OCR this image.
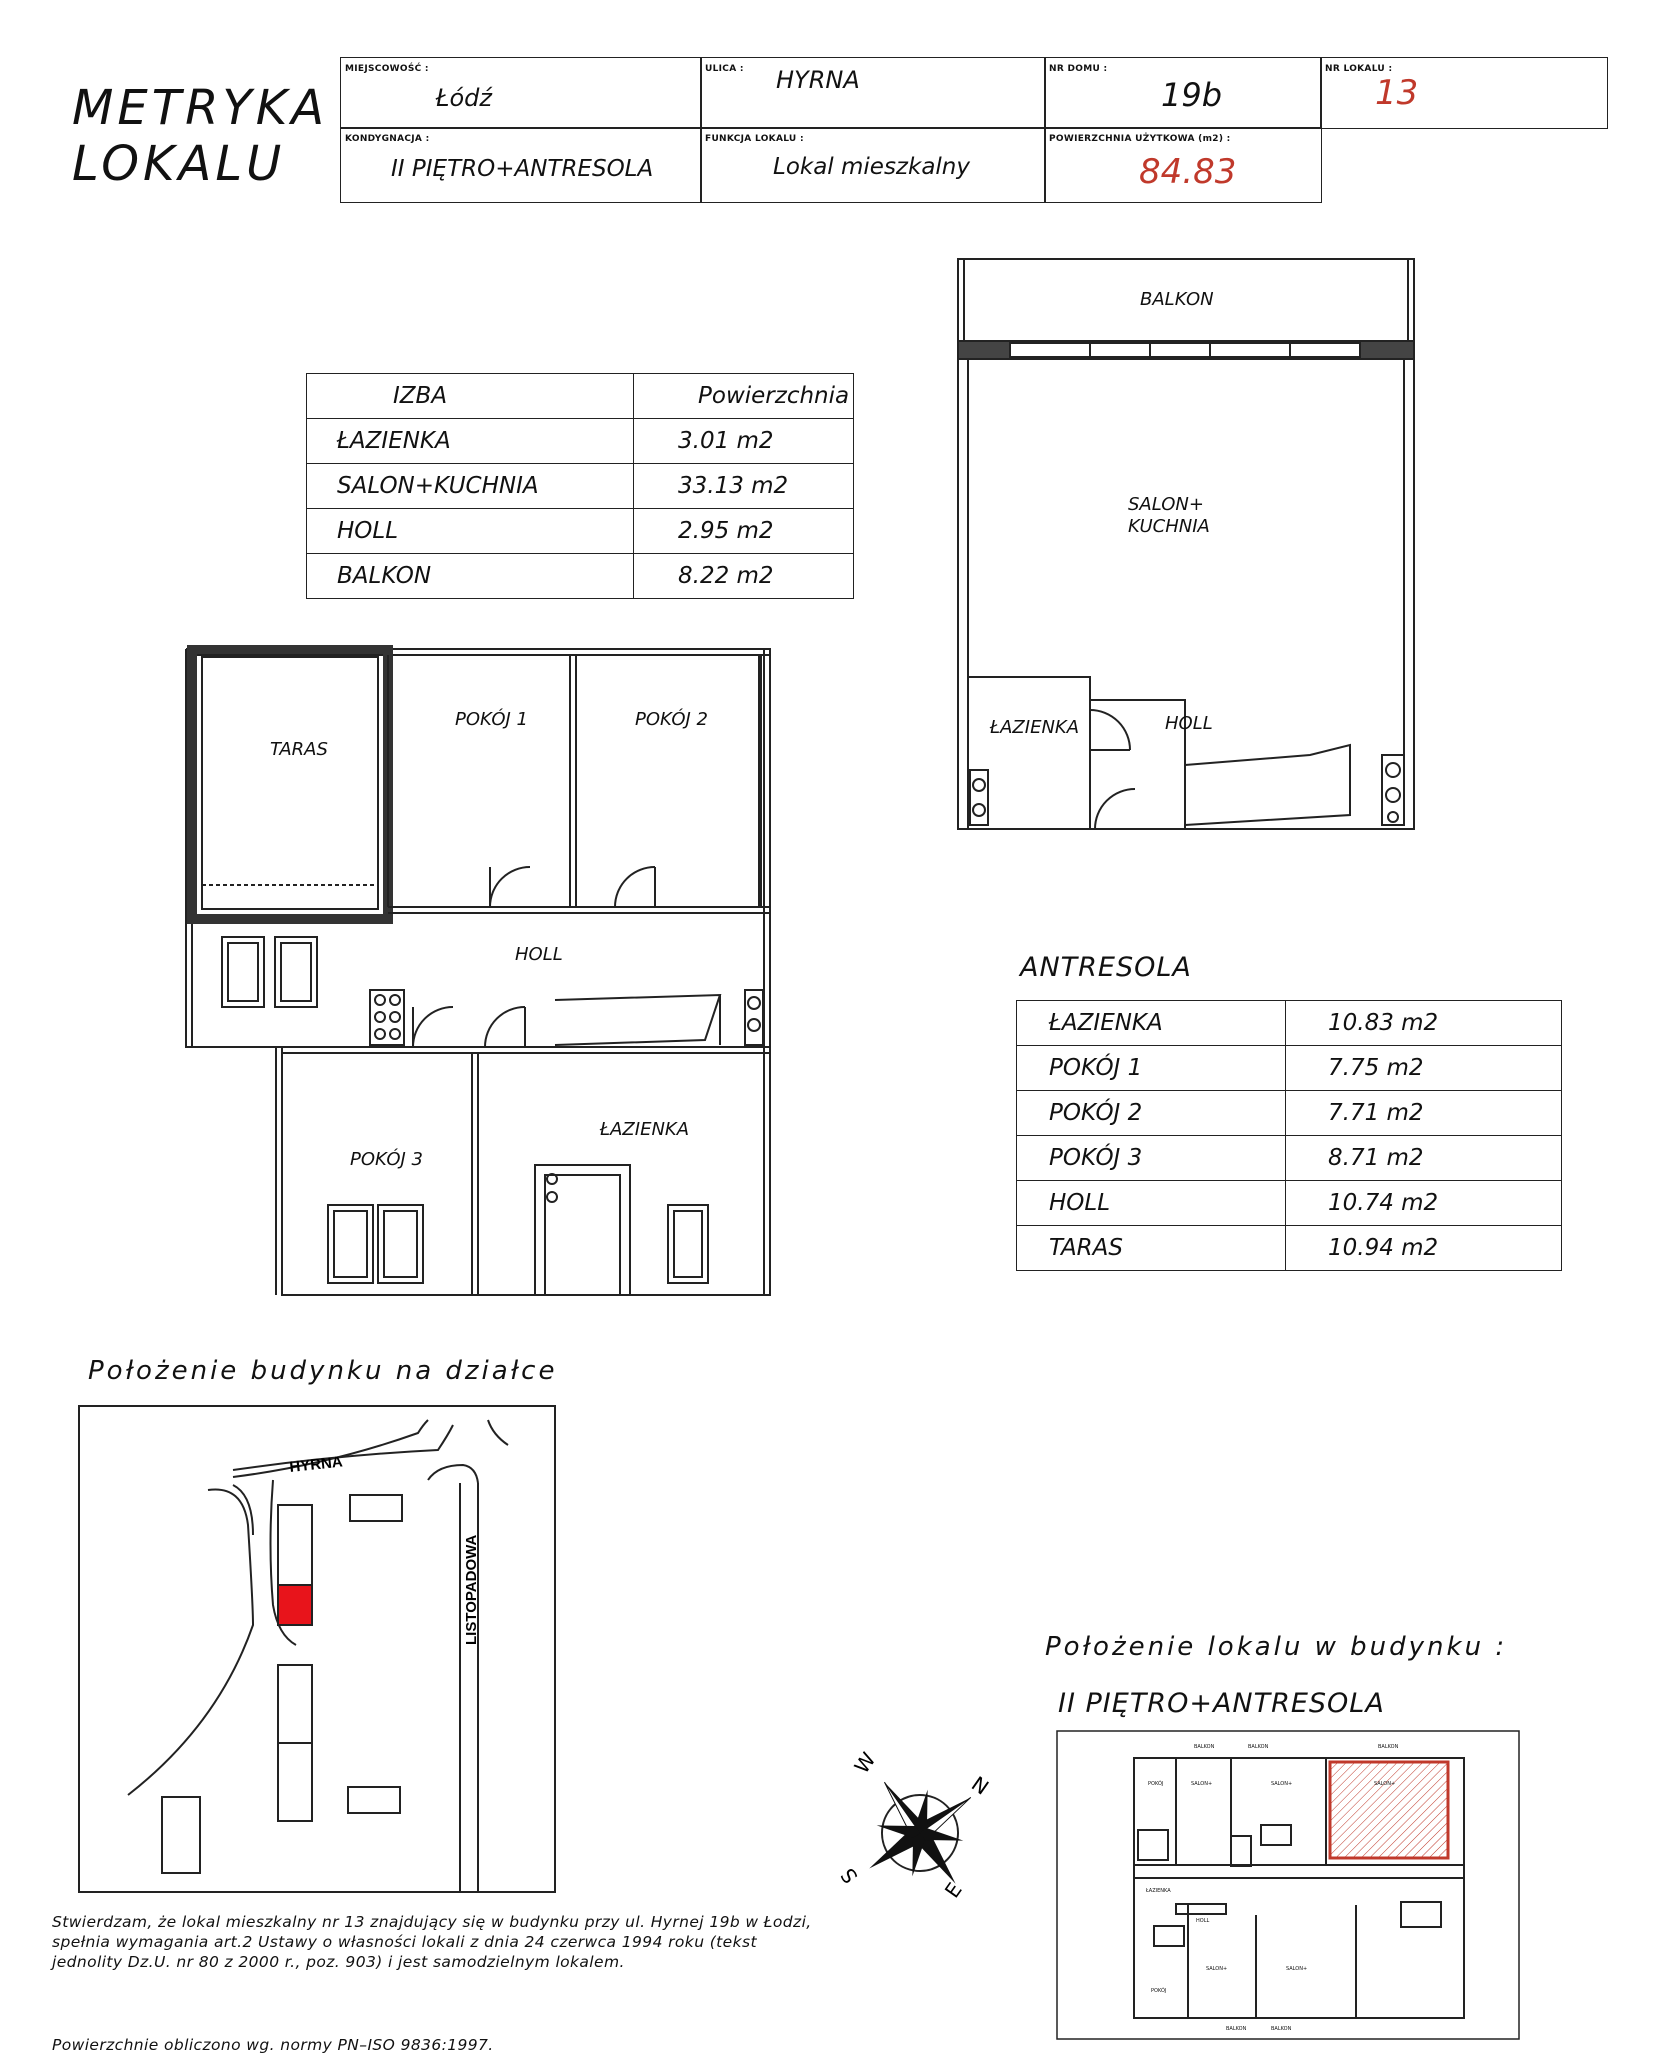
METRYKA
LOKALU
MIEJSCOWOŚĆ :
Łódź
ULICA : HYRNA	NR DOMU :
19b
NR LOKALU :
13
KONDYGNACJA :
II PIĘTRO+ANTRESOLA
FUNKCJA LOKALU :
Lokal mieszkalny
POWIERZCHNIA UŻYTKOWA (m2) :
84.83
IZBA	Powierzchnia
ŁAZIENKA	3.01 m2
SALON+KUCHNIA	33.13 m2
HOLL	2.95 m2
BALKON	8.22 m2
BALKON
SALON+
KUCHNIA
ŁAZIENKA	HOLL
TARAS
POKÓJ 1	POKÓJ 2
HOLL
POKÓJ 3
ŁAZIENKA
ANTRESOLA
ŁAZIENKA	10.83 m2
POKÓJ 1	7.75 m2
POKÓJ 2	7.71 m2
POKÓJ 3	8.71 m2
HOLL	10.74 m2
TARAS	10.94 m2
Położenie budynku na działce
HYRNA
LISTOPADOWA
W
N
S
E
Położenie lokalu w budynku :
II PIĘTRO+ANTRESOLA
BALKON	BALKON	BALKON
BALKON	BALKON
POKÓJ	SALON+	SALON+	SALON+
ŁAZIENKA
HOLL
SALON+
SALON+
POKÓJ
Stwierdzam, że lokal mieszkalny nr 13 znajdujący się w budynku przy ul. Hyrnej 19b w Łodzi, spełnia wymagania art.2 Ustawy o własności lokali z dnia 24 czerwca 1994 roku (tekst jednolity Dz.U. nr 80 z 2000 r., poz. 903) i jest samodzielnym lokalem.
Powierzchnie obliczono wg. normy PN–ISO 9836:1997.
